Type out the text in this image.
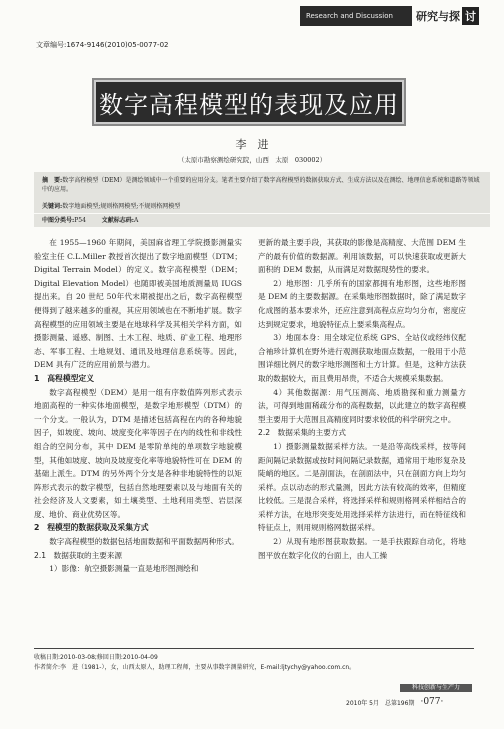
Research and Discussion	研究与探 讨
文章编号:1674-9146(2010)05-0077-02
数字高程模型的表现及应用
李　进
（太原市勘察测绘研究院，山西　太原　030002）
摘　要:数字高程模型（DEM）是测绘领域中一个重要的应用分支。笔者主要介绍了数字高程模型的数据获取方式、生成方法以及在测绘、地理信息系统和道路等领域中的应用。
关键词:数字地面模型;规则格网模型;不规则格网模型
中图分类号:P54   	文献标志码:A

在 1955—1960 年期间，美国麻省理工学院摄影测量实验室主任 C.L.Miller 教授首次提出了数字地面模型（DTM；Digital Terrain Model）的定义。数字高程模型（DEM；Digital Elevation Model）也随即被美国地质测量局 IUGS 提出来。自 20 世纪 50年代末期被提出之后，数字高程模型便得到了越来越多的重视，其应用领域也在不断地扩展。数字高程模型的应用领域主要是在地球科学及其相关学科方面，如摄影测量、遥感、制图、土木工程、地质、矿业工程、地理形态、军事工程、土地规划、通讯及地理信息系统等。因此，DEM 具有广泛的应用前景与潜力。

1　高程模型定义

数字高程模型（DEM）是用一组有序数值阵列形式表示地面高程的一种实体地面模型，是数字地形模型（DTM）的一个分支。一般认为，DTM 是描述包括高程在内的各种地貌因子，如坡度、坡向、坡度变化率等因子在内的线性和非线性组合的空间分布，其中 DEM 是零阶单纯的单项数字地貌模型，其他如坡度、坡向及坡度变化率等地貌特性可在 DEM 的基础上派生。DTM 的另外两个分支是各种非地貌特性的以矩阵形式表示的数字模型，包括自然地理要素以及与地面有关的社会经济及人文要素，如土壤类型、土地利用类型、岩层深度、地价、商业优势区等。

2　程模型的数据获取及采集方式

数字高程模型的数据包括地面数据和平面数据两种形式。

2.1　数据获取的主要来源

1）影像：航空摄影测量一直是地形图测绘和

更新的最主要手段，其获取的影像是高精度、大范围 DEM 生产的最有价值的数据源。利用该数据，可以快速获取或更新大面积的 DEM 数据，从而满足对数据现势性的要求。

2）地形图：几乎所有的国家都拥有地形图，这些地形图是 DEM 的主要数据源。在采集地形图数据时，除了满足数字化成图的基本要求外，还应注意到高程点应均匀分布，密度应达到规定要求，地貌特征点上要采集高程点。

3）地面本身：用全球定位系统 GPS、全站仪或经纬仪配合袖珍计算机在野外进行观测获取地面点数据，一般用于小范围详细比例尺的数字地形测图和土方计算。但是，这种方法获取的数据较大，而且费用昂贵，不适合大规模采集数据。

4）其他数据源：用气压测高、地质勘探和重力测量方法，可得到地面稀疏分布的高程数据，以此建立的数字高程模型主要用于大范围且高精度同时要求较低的科学研究之中。

2.2　数据采集的主要方式

1）摄影测量数据采样方法。一是沿等高线采样，按等间距间隔记录数据或按时间间隔记录数据，通常用于地形复杂及陡峭的地区。二是剖面法，在剖面法中，只在剖面方向上均匀采样。点以动态的形式量测，因此方法有较高的效率，但精度比较低。三是混合采样，将选择采样和规则格网采样相结合的采样方法，在地形突变处用选择采样方法进行，而在特征线和特征点上，则用规则格网数据采样。

2）从现有地形图获取数据。一是手扶跟踪自动化，将地图平放在数字化仪的台面上，由人工操

收稿日期:2010-03-08;修回日期:2010-04-09
作者简介:李　进（1981-），女，山西太原人，助理工程师，主要从事数字测量研究，E-mail:ljtychy@yahoo.com.cn。
科技创新与生产力
2010年 5月　总第196期 ·077·
